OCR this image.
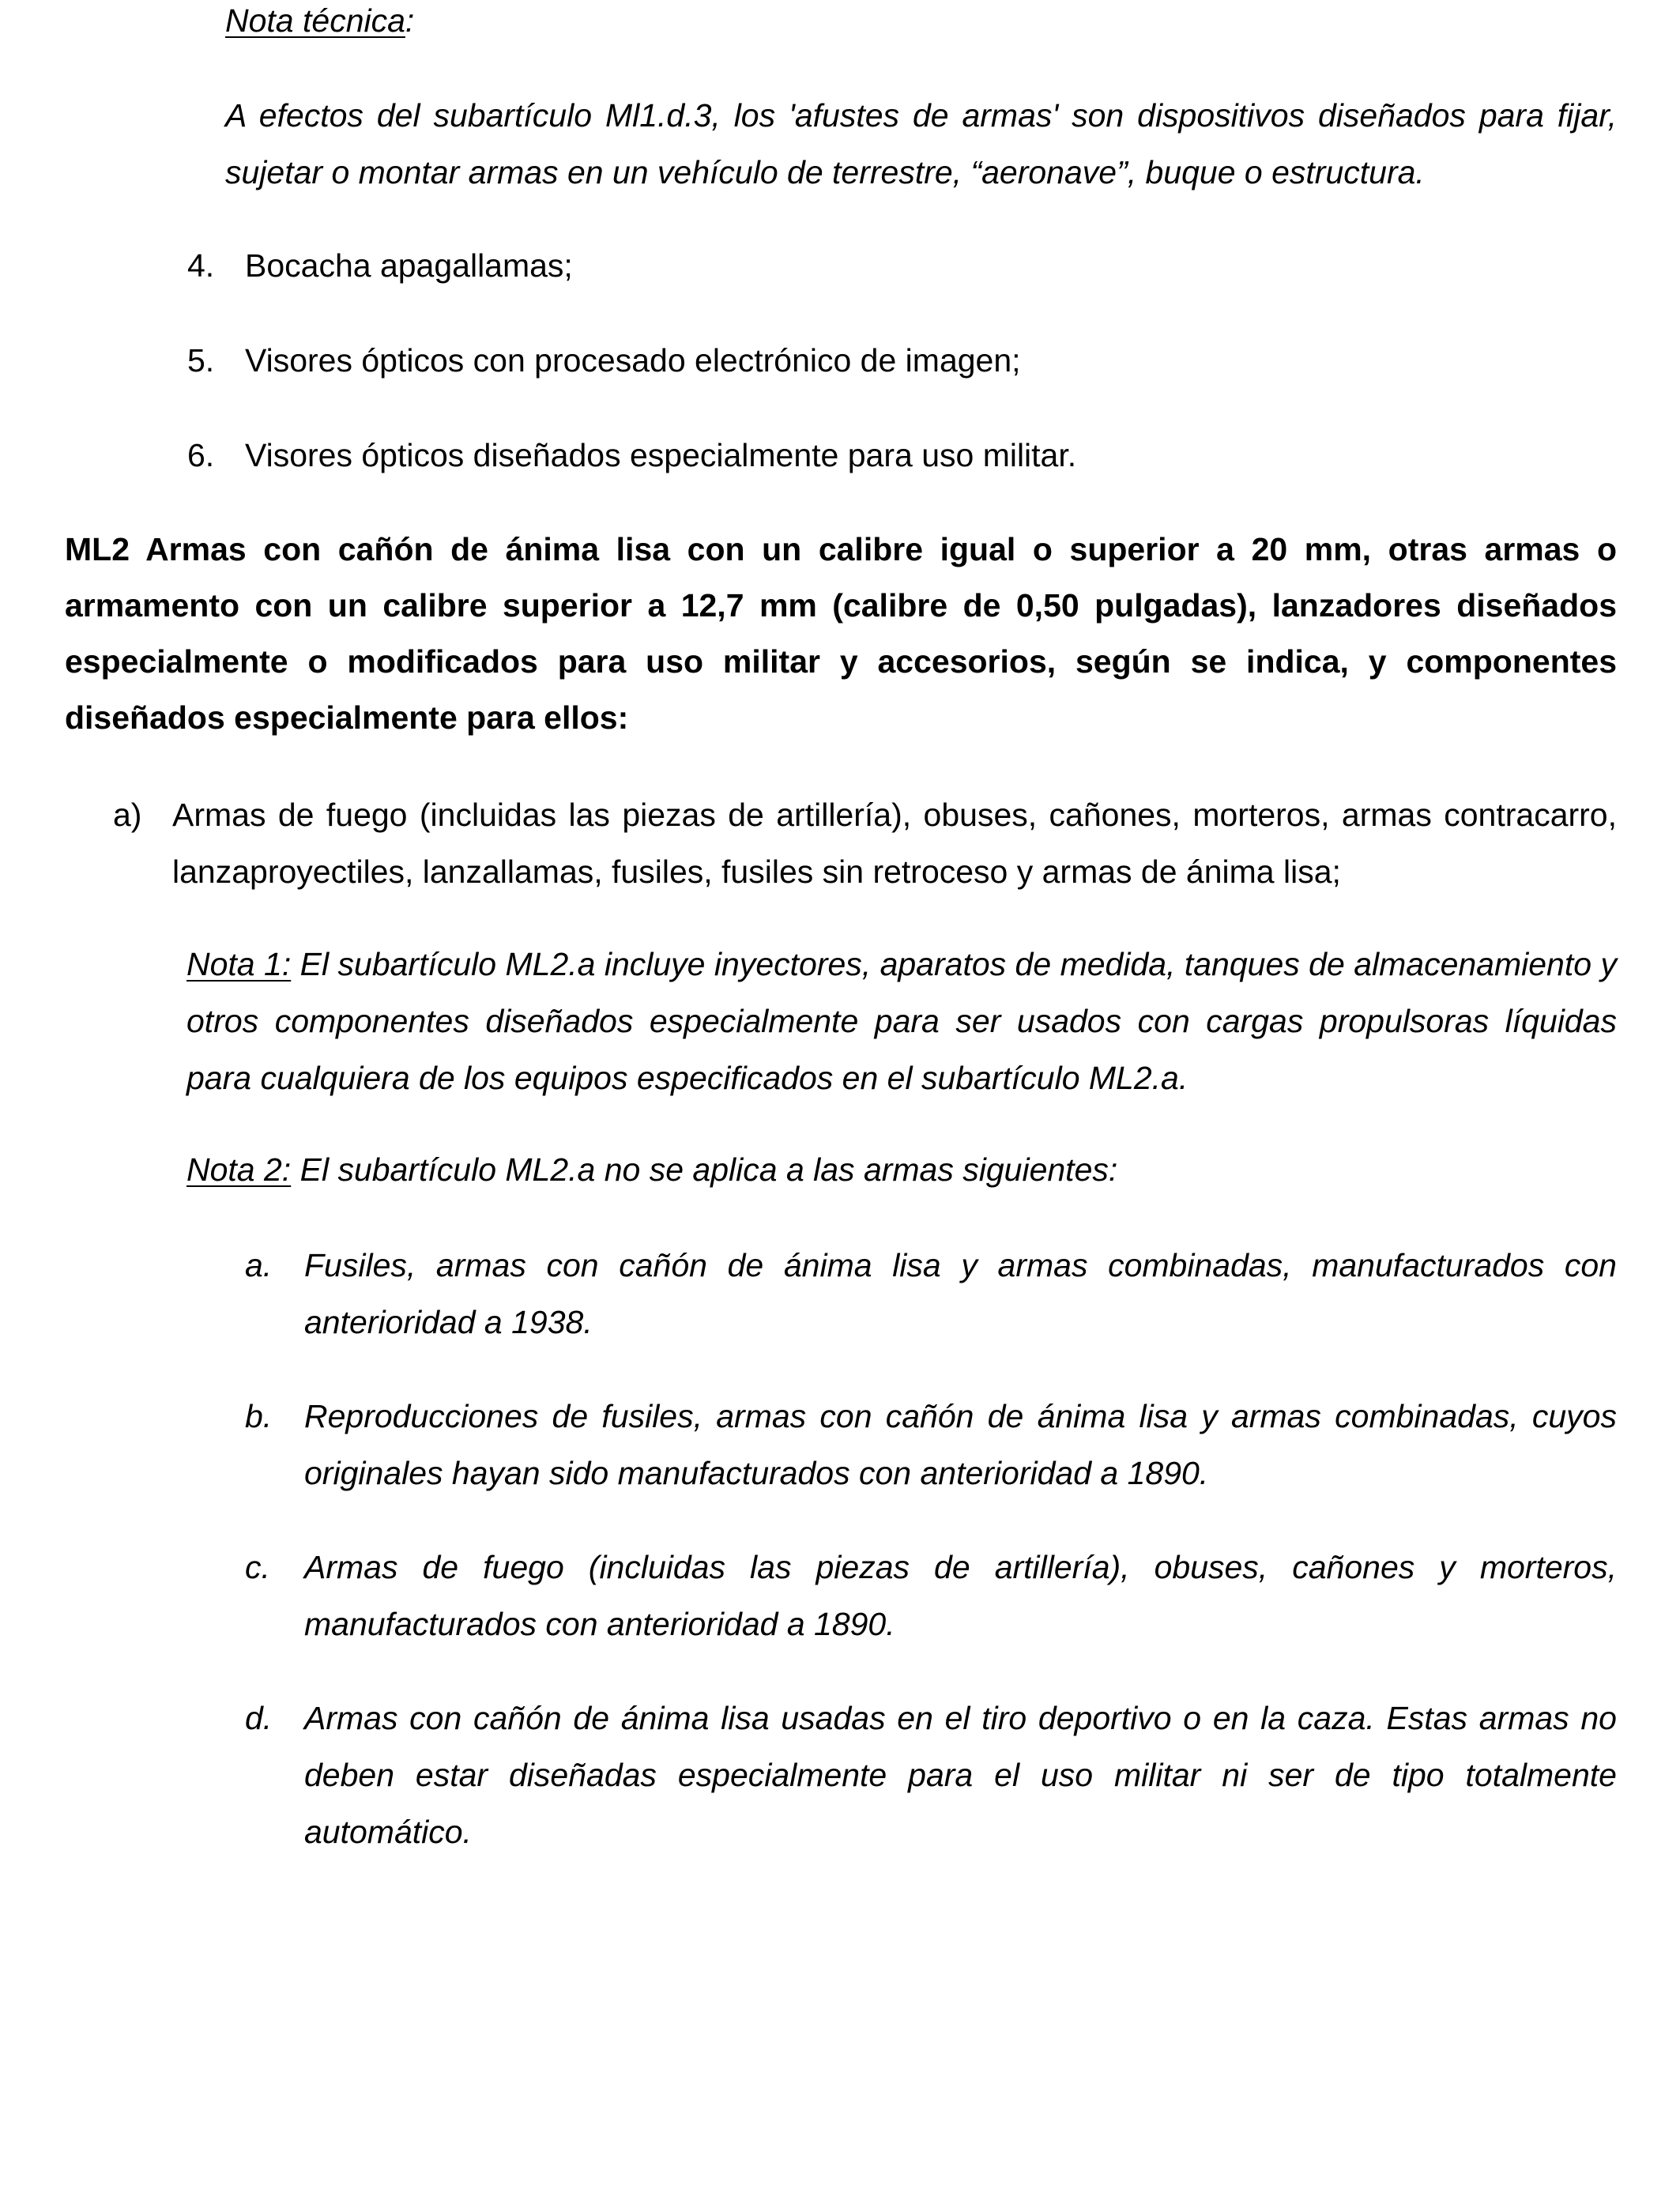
Nota técnica:
A efectos del subartículo Ml1.d.3, los 'afustes de armas' son dispositivos diseñados para fijar, sujetar o montar armas en un vehículo de terrestre, “aeronave”, buque o estructura.
4. Bocacha apagallamas;
5. Visores ópticos con procesado electrónico de imagen;
6. Visores ópticos diseñados especialmente para uso militar.
ML2 Armas con cañón de ánima lisa con un calibre igual o superior a 20 mm, otras armas o armamento con un calibre superior a 12,7 mm (calibre de 0,50 pulgadas), lanzadores diseñados especialmente o modificados para uso militar y accesorios, según se indica, y componentes diseñados especialmente para ellos:
a) Armas de fuego (incluidas las piezas de artillería), obuses, cañones, morteros, armas contracarro, lanzaproyectiles, lanzallamas, fusiles, fusiles sin retroceso y armas de ánima lisa;
Nota 1: El subartículo ML2.a incluye inyectores, aparatos de medida, tanques de almacenamiento y otros componentes diseñados especialmente para ser usados con cargas propulsoras líquidas para cualquiera de los equipos especificados en el subartículo ML2.a.
Nota 2: El subartículo ML2.a no se aplica a las armas siguientes:
a. Fusiles, armas con cañón de ánima lisa y armas combinadas, manufacturados con anterioridad a 1938.
b. Reproducciones de fusiles, armas con cañón de ánima lisa y armas combinadas, cuyos originales hayan sido manufacturados con anterioridad a 1890.
c. Armas de fuego (incluidas las piezas de artillería), obuses, cañones y morteros, manufacturados con anterioridad a 1890.
d. Armas con cañón de ánima lisa usadas en el tiro deportivo o en la caza. Estas armas no deben estar diseñadas especialmente para el uso militar ni ser de tipo totalmente automático.
